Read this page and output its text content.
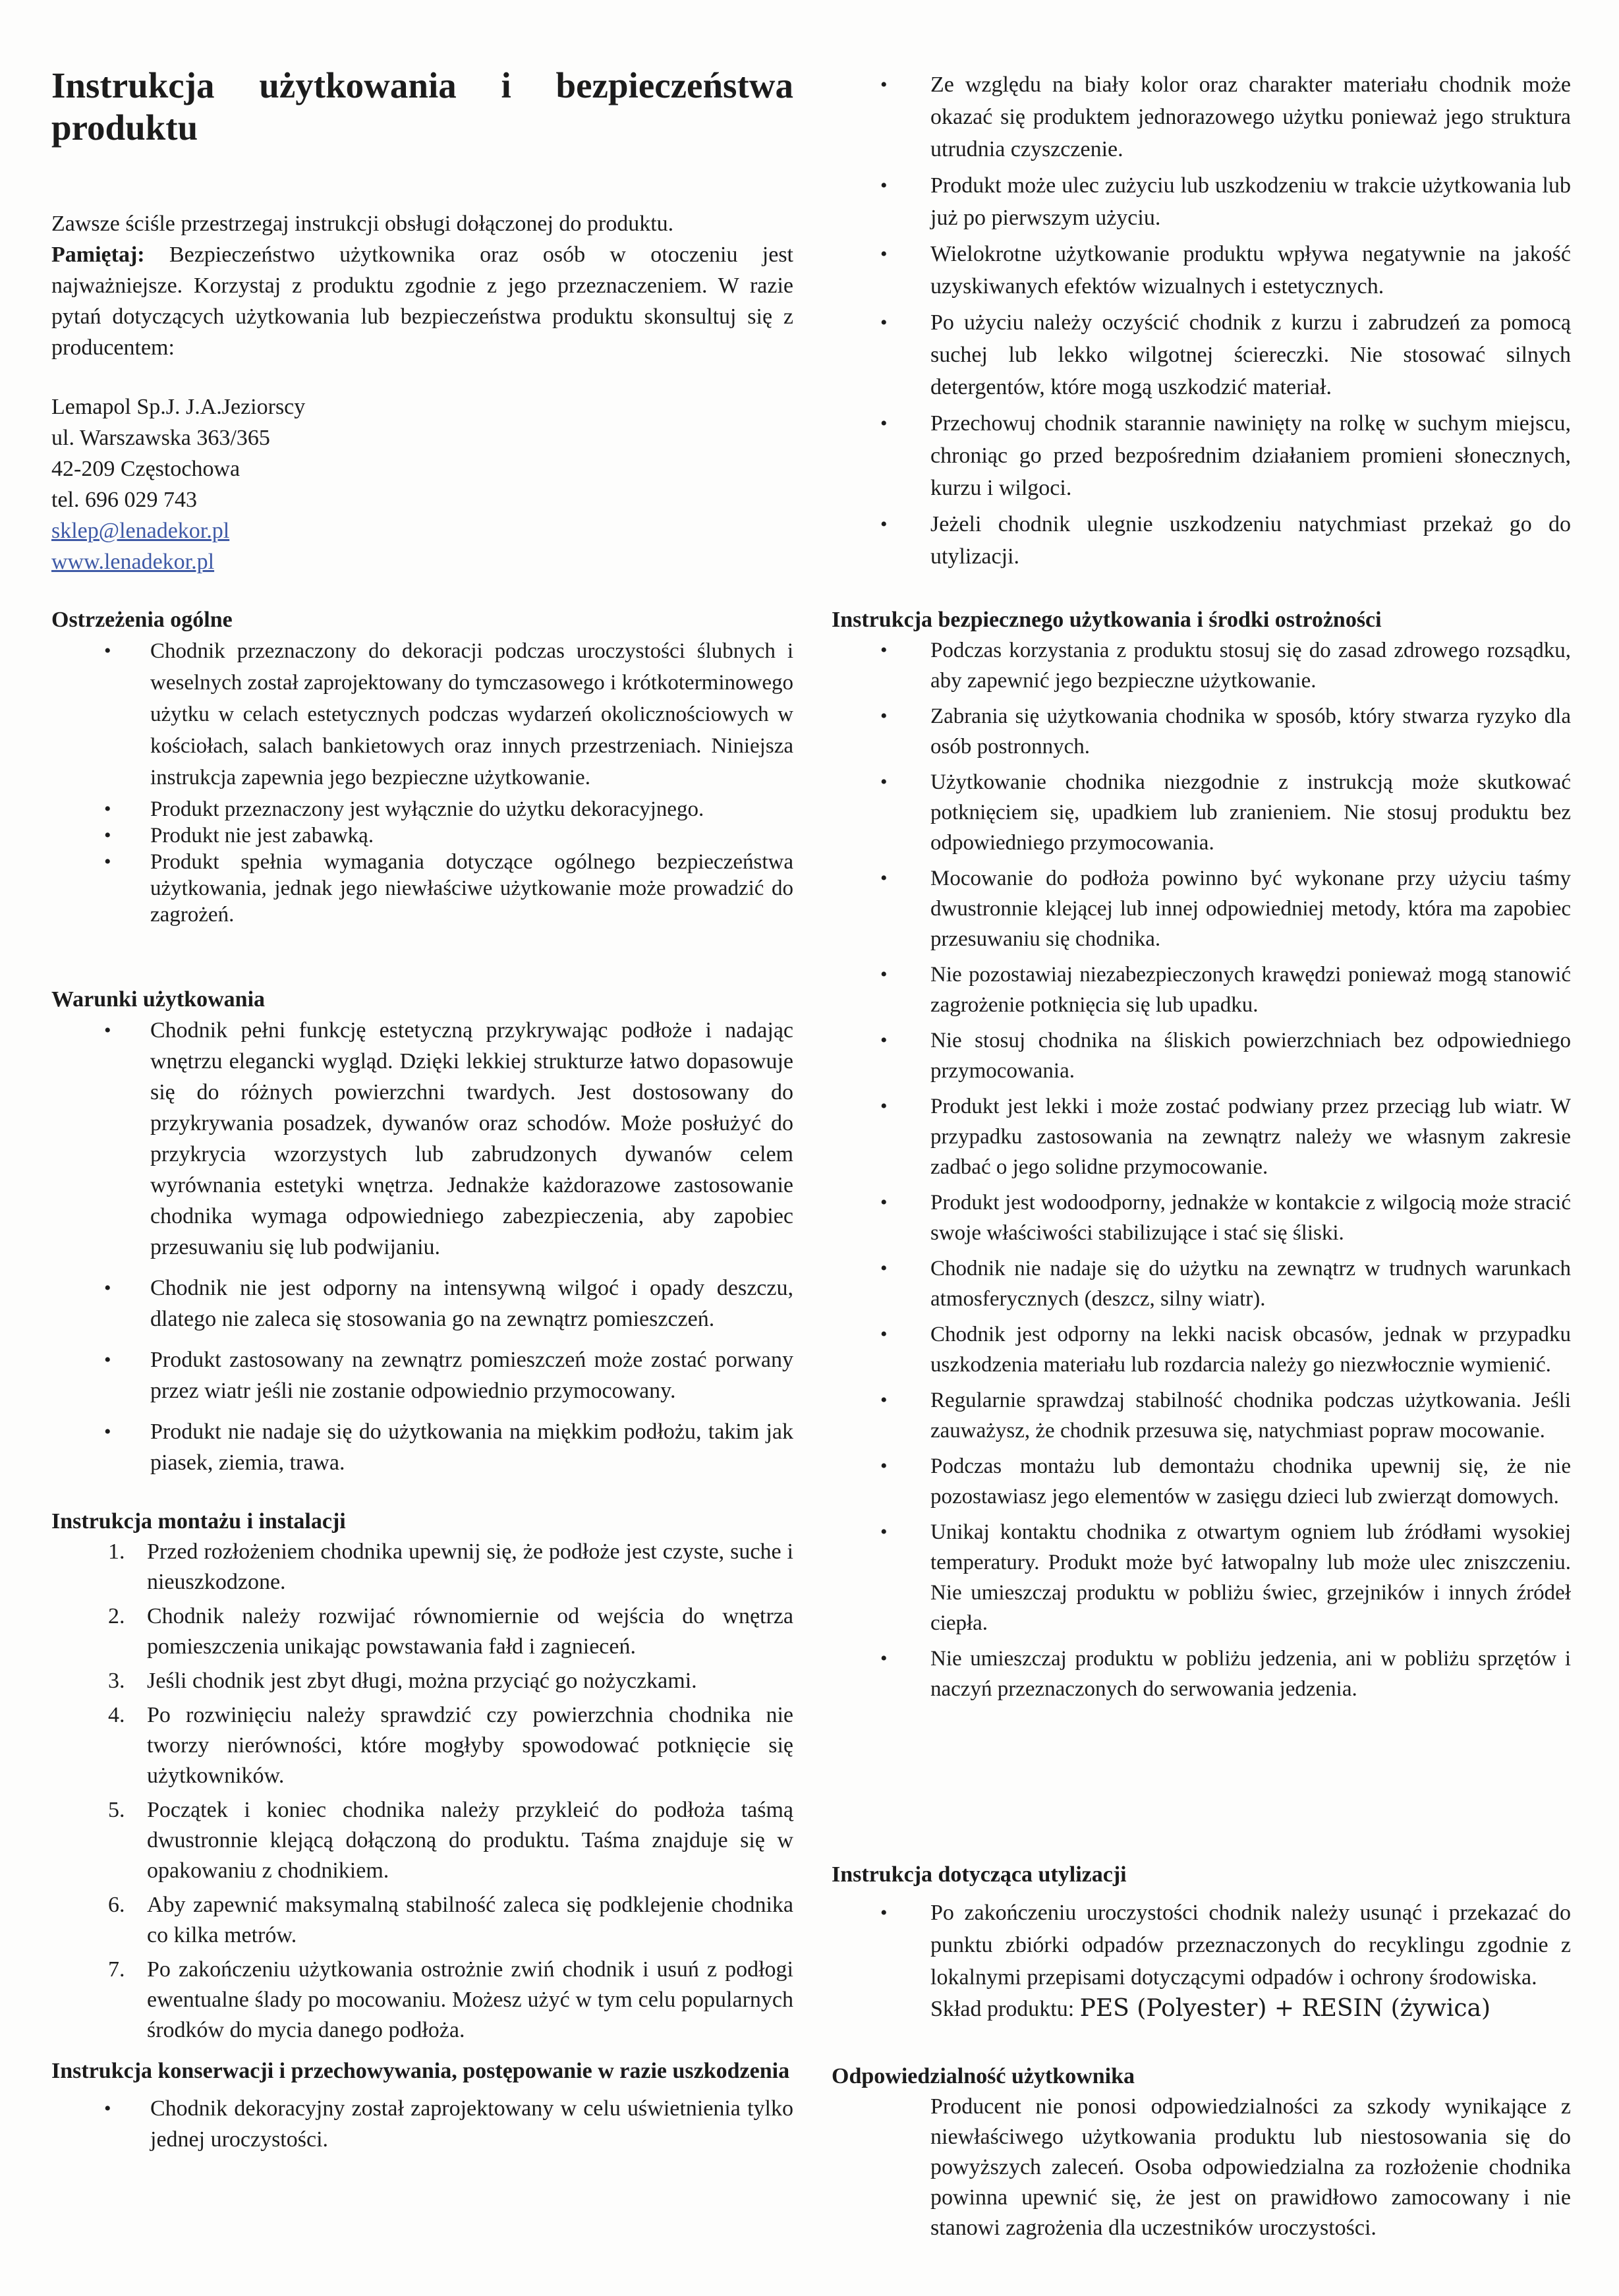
Instrukcja użytkowania i bezpieczeństwa produktu

Zawsze ściśle przestrzegaj instrukcji obsługi dołączonej do produktu.

Pamiętaj: Bezpieczeństwo użytkownika oraz osób w otoczeniu jest najważniejsze. Korzystaj z produktu zgodnie z jego przeznaczeniem. W razie pytań dotyczących użytkowania lub bezpieczeństwa produktu skonsultuj się z producentem:

Lemapol Sp.J. J.A.Jeziorscy

ul. Warszawska 363/365

42-209 Częstochowa

tel. 696 029 743

sklep@lenadekor.pl
www.lenadekor.pl
Ostrzeżenia ogólne
• Chodnik przeznaczony do dekoracji podczas uroczystości ślubnych i weselnych został zaprojektowany do tymczasowego i krótkoterminowego użytku w celach estetycznych podczas wydarzeń okolicznościowych w kościołach, salach bankietowych oraz innych przestrzeniach. Niniejsza instrukcja zapewnia jego bezpieczne użytkowanie.
• Produkt przeznaczony jest wyłącznie do użytku dekoracyjnego.
• Produkt nie jest zabawką.
• Produkt spełnia wymagania dotyczące ogólnego bezpieczeństwa użytkowania, jednak jego niewłaściwe użytkowanie może prowadzić do zagrożeń.
Warunki użytkowania
• Chodnik pełni funkcję estetyczną przykrywając podłoże i nadając wnętrzu elegancki wygląd. Dzięki lekkiej strukturze łatwo dopasowuje się do różnych powierzchni twardych. Jest dostosowany do przykrywania posadzek, dywanów oraz schodów. Może posłużyć do przykrycia wzorzystych lub zabrudzonych dywanów celem wyrównania estetyki wnętrza. Jednakże każdorazowe zastosowanie chodnika wymaga odpowiedniego zabezpieczenia, aby zapobiec przesuwaniu się lub podwijaniu.
• Chodnik nie jest odporny na intensywną wilgoć i opady deszczu, dlatego nie zaleca się stosowania go na zewnątrz pomieszczeń.
• Produkt zastosowany na zewnątrz pomieszczeń może zostać porwany przez wiatr jeśli nie zostanie odpowiednio przymocowany.
• Produkt nie nadaje się do użytkowania na miękkim podłożu, takim jak piasek, ziemia, trawa.
Instrukcja montażu i instalacji
1. Przed rozłożeniem chodnika upewnij się, że podłoże jest czyste, suche i nieuszkodzone.
2. Chodnik należy rozwijać równomiernie od wejścia do wnętrza pomieszczenia unikając powstawania fałd i zagnieceń.
3. Jeśli chodnik jest zbyt długi, można przyciąć go nożyczkami.
4. Po rozwinięciu należy sprawdzić czy powierzchnia chodnika nie tworzy nierówności, które mogłyby spowodować potknięcie się użytkowników.
5. Początek i koniec chodnika należy przykleić do podłoża taśmą dwustronnie klejącą dołączoną do produktu. Taśma znajduje się w opakowaniu z chodnikiem.
6. Aby zapewnić maksymalną stabilność zaleca się podklejenie chodnika co kilka metrów.
7. Po zakończeniu użytkowania ostrożnie zwiń chodnik i usuń z podłogi ewentualne ślady po mocowaniu. Możesz użyć w tym celu popularnych środków do mycia danego podłoża.
Instrukcja konserwacji i przechowywania, postępowanie w razie uszkodzenia
• Chodnik dekoracyjny został zaprojektowany w celu uświetnienia tylko jednej uroczystości.
• Ze względu na biały kolor oraz charakter materiału chodnik może okazać się produktem jednorazowego użytku ponieważ jego struktura utrudnia czyszczenie.
• Produkt może ulec zużyciu lub uszkodzeniu w trakcie użytkowania lub już po pierwszym użyciu.
• Wielokrotne użytkowanie produktu wpływa negatywnie na jakość uzyskiwanych efektów wizualnych i estetycznych.
• Po użyciu należy oczyścić chodnik z kurzu i zabrudzeń za pomocą suchej lub lekko wilgotnej ściereczki. Nie stosować silnych detergentów, które mogą uszkodzić materiał.
• Przechowuj chodnik starannie nawinięty na rolkę w suchym miejscu, chroniąc go przed bezpośrednim działaniem promieni słonecznych, kurzu i wilgoci.
• Jeżeli chodnik ulegnie uszkodzeniu natychmiast przekaż go do utylizacji.
Instrukcja bezpiecznego użytkowania i środki ostrożności
• Podczas korzystania z produktu stosuj się do zasad zdrowego rozsądku, aby zapewnić jego bezpieczne użytkowanie.
• Zabrania się użytkowania chodnika w sposób, który stwarza ryzyko dla osób postronnych.
• Użytkowanie chodnika niezgodnie z instrukcją może skutkować potknięciem się, upadkiem lub zranieniem. Nie stosuj produktu bez odpowiedniego przymocowania.
• Mocowanie do podłoża powinno być wykonane przy użyciu taśmy dwustronnie klejącej lub innej odpowiedniej metody, która ma zapobiec przesuwaniu się chodnika.
• Nie pozostawiaj niezabezpieczonych krawędzi ponieważ mogą stanowić zagrożenie potknięcia się lub upadku.
• Nie stosuj chodnika na śliskich powierzchniach bez odpowiedniego przymocowania.
• Produkt jest lekki i może zostać podwiany przez przeciąg lub wiatr. W przypadku zastosowania na zewnątrz należy we własnym zakresie zadbać o jego solidne przymocowanie.
• Produkt jest wodoodporny, jednakże w kontakcie z wilgocią może stracić swoje właściwości stabilizujące i stać się śliski.
• Chodnik nie nadaje się do użytku na zewnątrz w trudnych warunkach atmosferycznych (deszcz, silny wiatr).
• Chodnik jest odporny na lekki nacisk obcasów, jednak w przypadku uszkodzenia materiału lub rozdarcia należy go niezwłocznie wymienić.
• Regularnie sprawdzaj stabilność chodnika podczas użytkowania. Jeśli zauważysz, że chodnik przesuwa się, natychmiast popraw mocowanie.
• Podczas montażu lub demontażu chodnika upewnij się, że nie pozostawiasz jego elementów w zasięgu dzieci lub zwierząt domowych.
• Unikaj kontaktu chodnika z otwartym ogniem lub źródłami wysokiej temperatury. Produkt może być łatwopalny lub może ulec zniszczeniu. Nie umieszczaj produktu w pobliżu świec, grzejników i innych źródeł ciepła.
• Nie umieszczaj produktu w pobliżu jedzenia, ani w pobliżu sprzętów i naczyń przeznaczonych do serwowania jedzenia.
Instrukcja dotycząca utylizacji
• Po zakończeniu uroczystości chodnik należy usunąć i przekazać do punktu zbiórki odpadów przeznaczonych do recyklingu zgodnie z lokalnymi przepisami dotyczącymi odpadów i ochrony środowiska.

Skład produktu: PES (Polyester) + RESIN (żywica)

Odpowiedzialność użytkownika

Producent nie ponosi odpowiedzialności za szkody wynikające z niewłaściwego użytkowania produktu lub niestosowania się do powyższych zaleceń. Osoba odpowiedzialna za rozłożenie chodnika powinna upewnić się, że jest on prawidłowo zamocowany i nie stanowi zagrożenia dla uczestników uroczystości.
